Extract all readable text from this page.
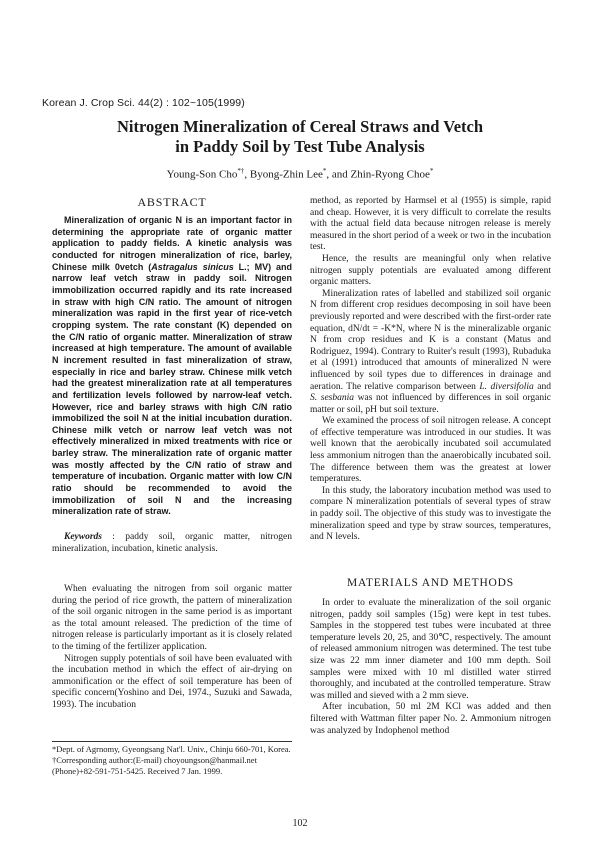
Korean J. Crop Sci. 44(2) : 102~105(1999)
Nitrogen Mineralization of Cereal Straws and Vetch
in Paddy Soil by Test Tube Analysis
Young-Son Cho*†, Byong-Zhin Lee*, and Zhin-Ryong Choe*
ABSTRACT

Mineralization of organic N is an important factor in determining the appropriate rate of organic matter application to paddy fields. A kinetic analysis was conducted for nitrogen mineralization of rice, barley, Chinese milk 0vetch (Astragalus sinicus L.; MV) and narrow leaf vetch straw in paddy soil. Nitrogen immobilization occurred rapidly and its rate increased in straw with high C/N ratio. The amount of nitrogen mineralization was rapid in the first year of rice-vetch cropping system. The rate constant (K) depended on the C/N ratio of organic matter. Mineralization of straw increased at high temperature. The amount of available N increment resulted in fast mineralization of straw, especially in rice and barley straw. Chinese milk vetch had the greatest mineralization rate at all temperatures and fertilization levels followed by narrow-leaf vetch. However, rice and barley straws with high C/N ratio immobilized the soil N at the initial incubation duration. Chinese milk vetch or narrow leaf vetch was not effectively mineralized in mixed treatments with rice or barley straw. The mineralization rate of organic matter was mostly affected by the C/N ratio of straw and temperature of incubation. Organic matter with low C/N ratio should be recommended to avoid the immobilization of soil N and the increasing mineralization rate of straw.

Keywords : paddy soil, organic matter, nitrogen mineralization, incubation, kinetic analysis.

When evaluating the nitrogen from soil organic matter during the period of rice growth, the pattern of mineralization of the soil organic nitrogen in the same period is as important as the total amount released. The prediction of the time of nitrogen release is particularly important as it is closely related to the timing of the fertilizer application.

Nitrogen supply potentials of soil have been evaluated with the incubation method in which the effect of air-drying on ammonification or the effect of soil temperature has been of specific concern(Yoshino and Dei, 1974., Suzuki and Sawada, 1993). The incubation

*Dept. of Agrnomy, Gyeongsang Nat'l. Univ., Chinju 660-701, Korea. †Corresponding author:(E-mail) choyoungson@hanmail.net (Phone)+82-591-751-5425. Received 7 Jan. 1999.

method, as reported by Harmsel et al (1955) is simple, rapid and cheap. However, it is very difficult to correlate the results with the actual field data because nitrogen release is merely measured in the short period of a week or two in the incubation test.

Hence, the results are meaningful only when relative nitrogen supply potentials are evaluated among different organic matters.

Mineralization rates of labelled and stabilized soil organic N from different crop residues decomposing in soil have been previously reported and were described with the first-order rate equation, dN/dt = -K*N, where N is the mineralizable organic N from crop residues and K is a constant (Matus and Rodriguez, 1994). Contrary to Ruiter's result (1993), Rubaduka et al (1991) introduced that amounts of mineralized N were influenced by soil types due to differences in drainage and aeration. The relative comparison between L. diversifolia and S. sesbania was not influenced by differences in soil organic matter or soil, pH but soil texture.

We examined the process of soil nitrogen release. A concept of effective temperature was introduced in our studies. It was well known that the aerobically incubated soil accumulated less ammonium nitrogen than the anaerobically incubated soil. The difference between them was the greatest at lower temperatures.

In this study, the laboratory incubation method was used to compare N mineralization potentials of several types of straw in paddy soil. The objective of this study was to investigate the mineralization speed and type by straw sources, temperatures, and N levels.

MATERIALS AND METHODS

In order to evaluate the mineralization of the soil organic nitrogen, paddy soil samples (15g) were kept in test tubes. Samples in the stoppered test tubes were incubated at three temperature levels 20, 25, and 30℃, respectively. The amount of released ammonium nitrogen was determined. The test tube size was 22 mm inner diameter and 100 mm depth. Soil samples were mixed with 10 ml distilled water stirred thoroughly, and incubated at the controlled temperature. Straw was milled and sieved with a 2 mm sieve.

After incubation, 50 ml 2M KCl was added and then filtered with Wattman filter paper No. 2. Ammonium nitrogen was analyzed by Indophenol method

102
